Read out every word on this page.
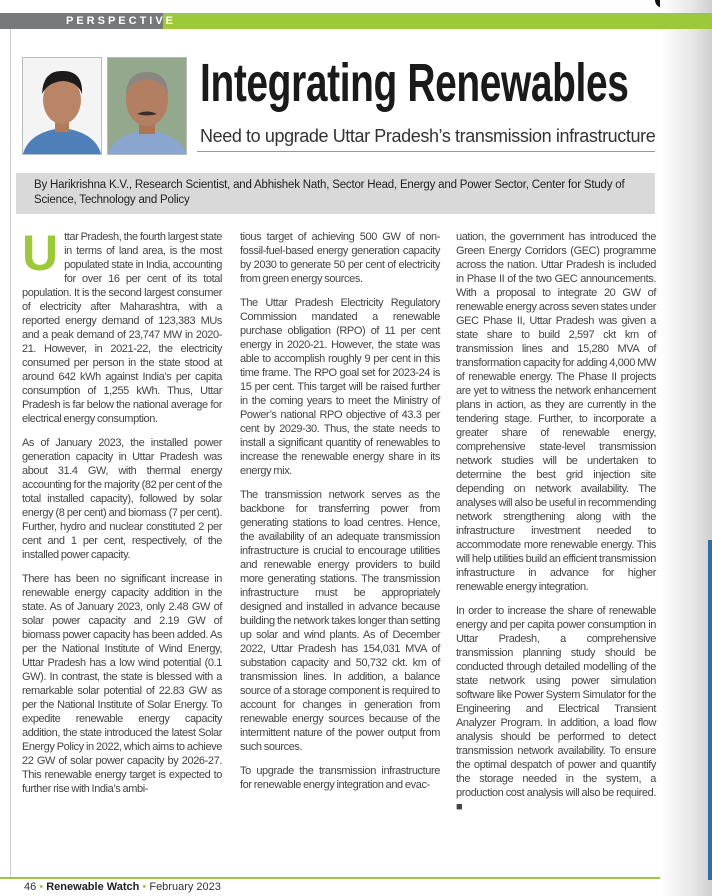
PERSPECTIVE
Integrating Renewables
Need to upgrade Uttar Pradesh’s transmission infrastructure
By Harikrishna K.V., Research Scientist, and Abhishek Nath, Sector Head, Energy and Power Sector, Center for Study of Science, Technology and Policy

Uttar Pradesh, the fourth largest state in terms of land area, is the most populated state in India, accounting for over 16 per cent of its total population. It is the second largest consumer of electricity after Maharashtra, with a reported energy demand of 123,383 MUs and a peak demand of 23,747 MW in 2020-21. However, in 2021-22, the electricity consumed per person in the state stood at around 642 kWh against India’s per capita consumption of 1,255 kWh. Thus, Uttar Pradesh is far below the national average for electrical energy consumption.

As of January 2023, the installed power generation capacity in Uttar Pradesh was about 31.4 GW, with thermal energy accounting for the majority (82 per cent of the total installed capacity), followed by solar energy (8 per cent) and biomass (7 per cent). Further, hydro and nuclear constituted 2 per cent and 1 per cent, respectively, of the installed power capacity.

There has been no significant increase in renewable energy capacity addition in the state. As of January 2023, only 2.48 GW of solar power capacity and 2.19 GW of biomass power capacity has been added. As per the National Institute of Wind Energy, Uttar Pradesh has a low wind potential (0.1 GW). In contrast, the state is blessed with a remarkable solar potential of 22.83 GW as per the National Institute of Solar Energy. To expedite renewable energy capacity addition, the state introduced the latest Solar Energy Policy in 2022, which aims to achieve 22 GW of solar power capacity by 2026-27. This renewable energy target is expected to further rise with India’s ambi-

tious target of achieving 500 GW of non-fossil-fuel-based energy generation capacity by 2030 to generate 50 per cent of electricity from green energy sources.

The Uttar Pradesh Electricity Regulatory Commission mandated a renewable purchase obligation (RPO) of 11 per cent energy in 2020-21. However, the state was able to accomplish roughly 9 per cent in this time frame. The RPO goal set for 2023-24 is 15 per cent. This target will be raised further in the coming years to meet the Ministry of Power’s national RPO objective of 43.3 per cent by 2029-30. Thus, the state needs to install a significant quantity of renewables to increase the renewable energy share in its energy mix.

The transmission network serves as the backbone for transferring power from generating stations to load centres. Hence, the availability of an adequate transmission infrastructure is crucial to encourage utilities and renewable energy providers to build more generating stations. The transmission infrastructure must be appropriately designed and installed in advance because building the network takes longer than setting up solar and wind plants. As of December 2022, Uttar Pradesh has 154,031 MVA of substation capacity and 50,732 ckt. km of transmission lines. In addition, a balance source of a storage component is required to account for changes in generation from renewable energy sources because of the intermittent nature of the power output from such sources.

To upgrade the transmission infrastructure for renewable energy integration and evac-

uation, the government has introduced the Green Energy Corridors (GEC) programme across the nation. Uttar Pradesh is included in Phase II of the two GEC announcements. With a proposal to integrate 20 GW of renewable energy across seven states under GEC Phase II, Uttar Pradesh was given a state share to build 2,597 ckt km of transmission lines and 15,280 MVA of transformation capacity for adding 4,000 MW of renewable energy. The Phase II projects are yet to witness the network enhancement plans in action, as they are currently in the tendering stage. Further, to incorporate a greater share of renewable energy, comprehensive state-level transmission network studies will be undertaken to determine the best grid injection site depending on network availability. The analyses will also be useful in recommending network strengthening along with the infrastructure investment needed to accommodate more renewable energy. This will help utilities build an efficient transmission infrastructure in advance for higher renewable energy integration.

In order to increase the share of renewable energy and per capita power consumption in Uttar Pradesh, a comprehensive transmission planning study should be conducted through detailed modelling of the state network using power simulation software like Power System Simulator for the Engineering and Electrical Transient Analyzer Program. In addition, a load flow analysis should be performed to detect transmission network availability. To ensure the optimal despatch of power and quantify the storage needed in the system, a production cost analysis will also be required. ■

46 • Renewable Watch • February 2023
